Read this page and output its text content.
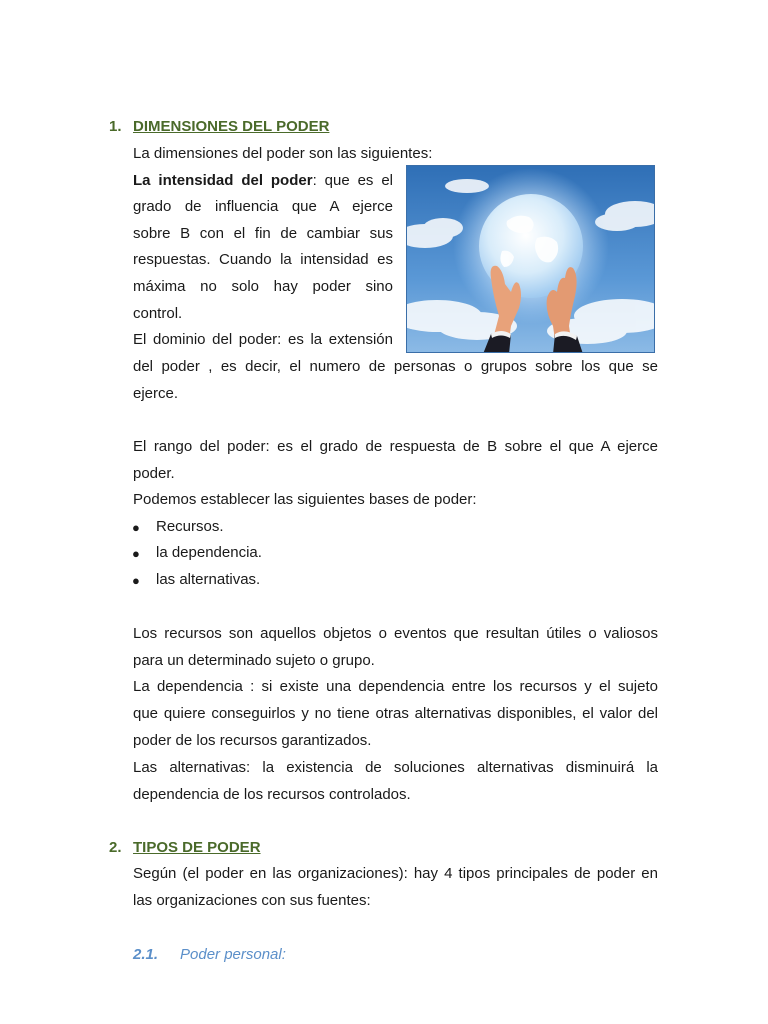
1. DIMENSIONES DEL PODER
La dimensiones del poder son las siguientes:
La intensidad del poder: que es el
grado de influencia que A ejerce
sobre B con el fin de cambiar sus
respuestas. Cuando la intensidad es
máxima no solo hay poder sino
control.
El dominio del poder: es la extensión
del poder , es decir, el numero de personas o grupos sobre los que se
ejerce.
El rango del poder: es el grado de respuesta de B sobre el que A ejerce
poder.
Podemos establecer las siguientes bases de poder:
● Recursos.
● la dependencia.
● las alternativas.
Los recursos son aquellos objetos o eventos que resultan útiles o valiosos
para un determinado sujeto o grupo.
La dependencia : si existe una dependencia entre los recursos y el sujeto
que quiere conseguirlos y no tiene otras alternativas disponibles, el valor del
poder de los recursos garantizados.
Las alternativas: la existencia de soluciones alternativas disminuirá la
dependencia de los recursos controlados.
2. TIPOS DE PODER
Según (el poder en las organizaciones): hay 4 tipos principales de poder en
las organizaciones con sus fuentes:
2.1. Poder personal:
